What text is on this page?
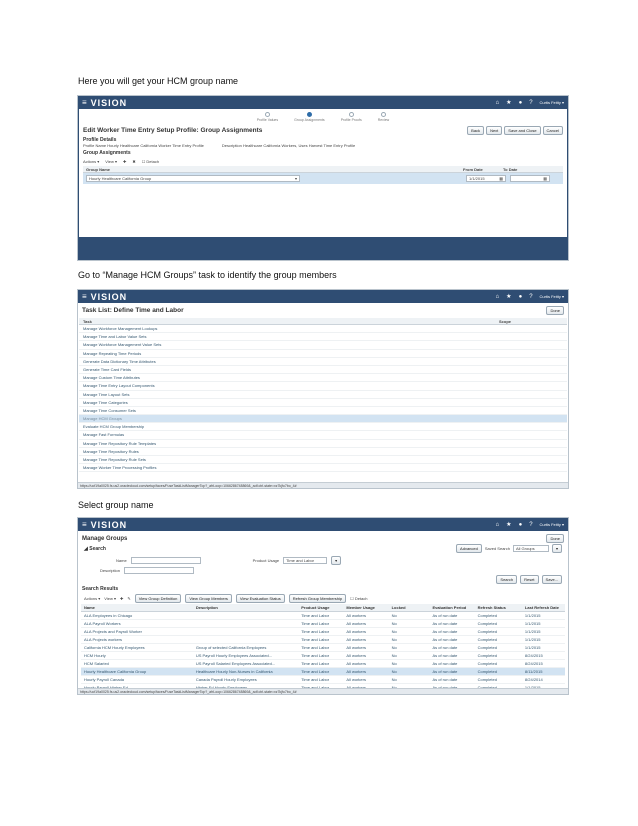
Here you will get your HCM group name
≡ VISION	⌂ ★ ● ? Curtis Feitty ▾
Profile Values	Group Assignments	Profile Proofs	Review
Edit Worker Time Entry Setup Profile: Group Assignments	Back	Next	Save and Close	Cancel
Profile Details
Profile Name Hourly Healthcare California Worker Time Entry Profile	Description Healthcare California Workers, Uses Harvest Time Entry Profile
Group Assignments
Actions ▾ View ▾ ✚ ✖ ☐ Detach
Group Name	From Date	To Date
Hourly Healthcare California Group	▾	1/1/2015	▦	▦
Go to “Manage HCM Groups” task to identify the group members
≡ VISION	⌂ ★ ● ? Curtis Feitty ▾
Task List: Define Time and Labor	Done
Task	Scope
Manage Workforce Management Lookups
Manage Time and Labor Value Sets
Manage Workforce Management Value Sets
Manage Repeating Time Periods
Generate Data Dictionary Time Attributes
Generate Time Card Fields
Manage Custom Time Attributes
Manage Time Entry Layout Components
Manage Time Layout Sets
Manage Time Categories
Manage Time Consumer Sets
Manage HCM Groups
Evaluate HCM Group Membership
Manage Fast Formulas
Manage Time Repository Rule Templates
Manage Time Repository Rules
Manage Time Repository Rule Sets
Manage Worker Time Processing Profiles
https://ucf19a0025.fs.us2.oraclecloud.com/setup/faces/FuseTaskListManagerTop?_afrLoop=1066286748869&_adf.ctrl-state=xz7kjfo7bo_4#
Select group name
≡ VISION	⌂ ★ ● ? Curtis Feitty ▾
Manage Groups	Done
◢ Search	Advanced	Saved Search	All Groups	▾
Name	Product Usage	Time and Labor	▾
Description
Search	Reset	Save...
Search Results
Actions ▾ View ▾ ✚ ✎	View Group Definition	View Group Members	View Evaluation Status	Refresh Group Membership	☐ Detach
Name	Description	Product Usage	Member Usage	Locked	Evaluation Period	Refresh Status	Last Refresh Date
ALA Employees in Chicago		Time and Labor	All workers	No	As of run date	Completed	1/1/2015
ALA Payroll Workers		Time and Labor	All workers	No	As of run date	Completed	1/1/2015
ALA Projects and Payroll Worker		Time and Labor	All workers	No	As of run date	Completed	1/1/2015
ALA Projects workers		Time and Labor	All workers	No	As of run date	Completed	1/1/2015
California HCM Hourly Employees	Group of selected California Employees	Time and Labor	All workers	No	As of run date	Completed	1/1/2015
HCM Hourly	US Payroll Hourly Employees Associated...	Time and Labor	All workers	No	As of run date	Completed	8/24/2015
HCM Salaried	US Payroll Salaried Employees Associated...	Time and Labor	All workers	No	As of run date	Completed	8/24/2015
Hourly Healthcare California Group	Healthcare Hourly Non-Nurses in California	Time and Labor	All workers	No	As of run date	Completed	8/11/2015
Hourly Payroll Canada	Canada Payroll Hourly Employees	Time and Labor	All workers	No	As of run date	Completed	8/24/2014

https://ucf19a0025.fs.us2.oraclecloud.com/setup/faces/FuseTaskListManagerTop?_afrLoop=1066286748869&_adf.ctrl-state=xz7kjfo7bo_4#
